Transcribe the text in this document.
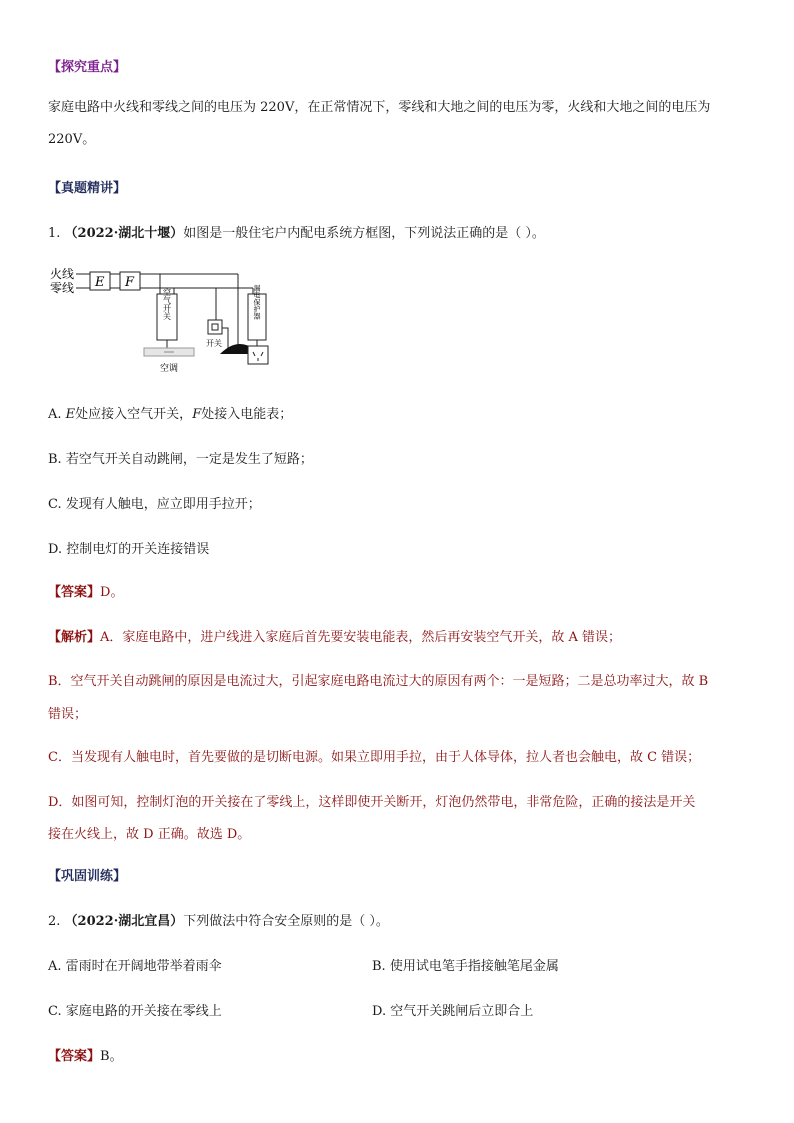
【探究重点】
家庭电路中火线和零线之间的电压为 220V，在正常情况下，零线和大地之间的电压为零，火线和大地之间的电压为 220V。
【真题精讲】
1. （2022·湖北十堰）如图是一般住宅户内配电系统方框图，下列说法正确的是（ ）。
火线
零线 E F
空气开关
空调
开关
漏电保护器
A. E处应接入空气开关，F处接入电能表；
B. 若空气开关自动跳闸，一定是发生了短路；
C. 发现有人触电，应立即用手拉开；
D. 控制电灯的开关连接错误
【答案】D。
【解析】A．家庭电路中，进户线进入家庭后首先要安装电能表，然后再安装空气开关，故 A 错误；
B．空气开关自动跳闸的原因是电流过大，引起家庭电路电流过大的原因有两个：一是短路；二是总功率过大，故 B
错误；
C．当发现有人触电时，首先要做的是切断电源。如果立即用手拉，由于人体导体，拉人者也会触电，故 C 错误；
D．如图可知，控制灯泡的开关接在了零线上，这样即使开关断开，灯泡仍然带电，非常危险，正确的接法是开关
接在火线上，故 D 正确。故选 D。
【巩固训练】
2. （2022·湖北宜昌）下列做法中符合安全原则的是（ ）。
A. 雷雨时在开阔地带举着雨伞	B. 使用试电笔手指接触笔尾金属
C. 家庭电路的开关接在零线上	D. 空气开关跳闸后立即合上
【答案】B。
